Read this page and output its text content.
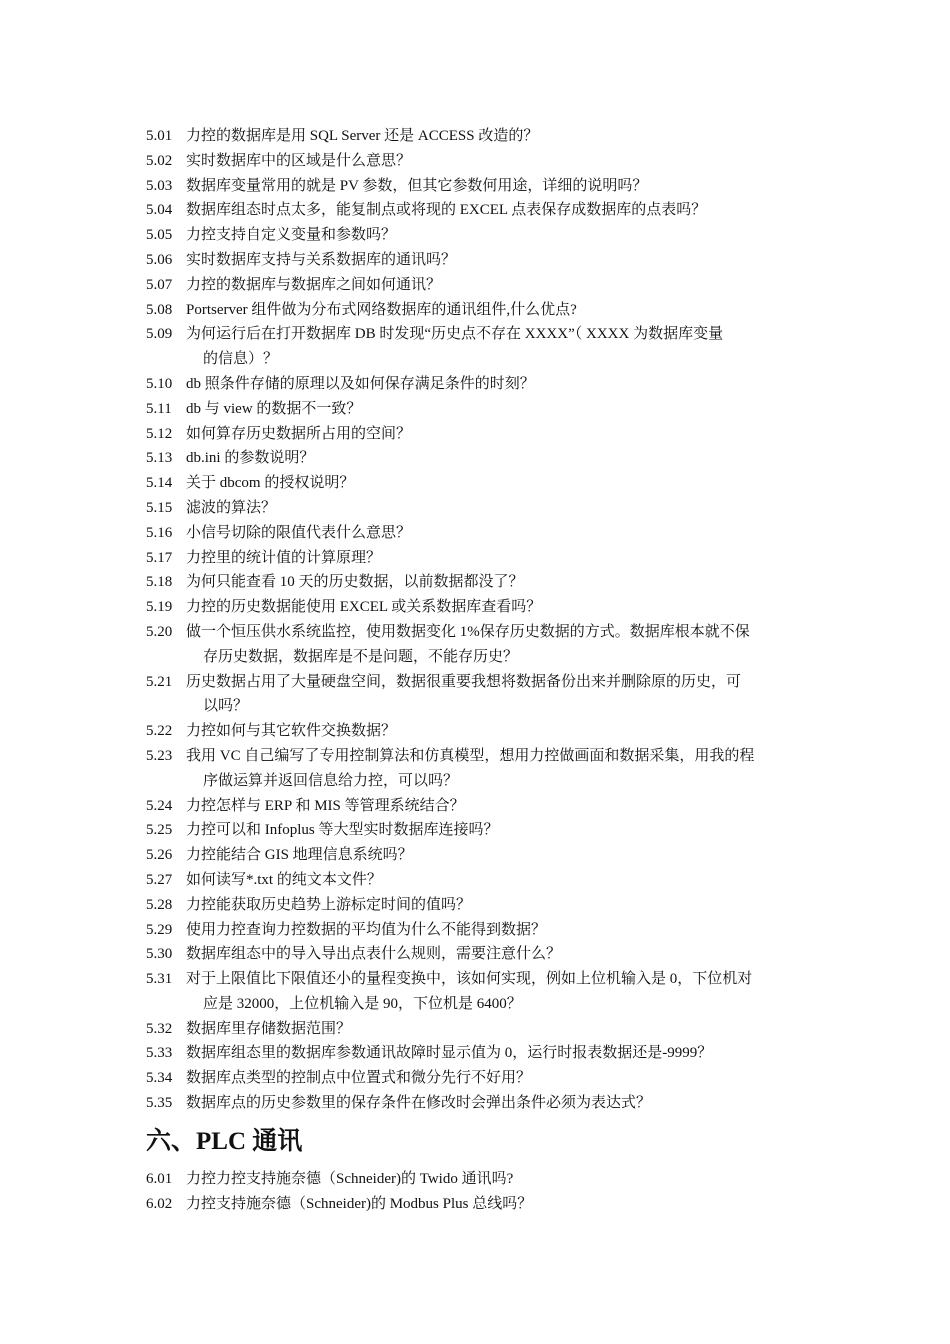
5.01 力控的数据库是用 SQL Server 还是 ACCESS 改造的？
5.02 实时数据库中的区域是什么意思？
5.03 数据库变量常用的就是 PV 参数，但其它参数何用途，详细的说明吗？
5.04 数据库组态时点太多，能复制点或将现的 EXCEL 点表保存成数据库的点表吗？
5.05 力控支持自定义变量和参数吗？
5.06 实时数据库支持与关系数据库的通讯吗？
5.07 力控的数据库与数据库之间如何通讯？
5.08 Portserver 组件做为分布式网络数据库的通讯组件,什么优点?
5.09 为何运行后在打开数据库 DB 时发现“历史点不存在 XXXX”（ XXXX 为数据库变量
的信息）？
5.10 db 照条件存储的原理以及如何保存满足条件的时刻？
5.11 db 与 view 的数据不一致？
5.12 如何算存历史数据所占用的空间？
5.13 db.ini 的参数说明？
5.14 关于 dbcom 的授权说明？
5.15 滤波的算法？
5.16 小信号切除的限值代表什么意思？
5.17 力控里的统计值的计算原理？
5.18 为何只能查看 10 天的历史数据，以前数据都没了？
5.19 力控的历史数据能使用 EXCEL 或关系数据库查看吗？
5.20 做一个恒压供水系统监控，使用数据变化 1%保存历史数据的方式。数据库根本就不保
存历史数据，数据库是不是问题，不能存历史？
5.21 历史数据占用了大量硬盘空间，数据很重要我想将数据备份出来并删除原的历史，可
以吗？
5.22 力控如何与其它软件交换数据？
5.23 我用 VC 自己编写了专用控制算法和仿真模型，想用力控做画面和数据采集，用我的程
序做运算并返回信息给力控，可以吗？
5.24 力控怎样与 ERP 和 MIS 等管理系统结合？
5.25 力控可以和 Infoplus 等大型实时数据库连接吗？
5.26 力控能结合 GIS 地理信息系统吗？
5.27 如何读写*.txt 的纯文本文件？
5.28 力控能获取历史趋势上游标定时间的值吗？
5.29 使用力控查询力控数据的平均值为什么不能得到数据？
5.30 数据库组态中的导入导出点表什么规则，需要注意什么？
5.31 对于上限值比下限值还小的量程变换中，该如何实现，例如上位机输入是 0，下位机对
应是 32000，上位机输入是 90，下位机是 6400？
5.32 数据库里存储数据范围？
5.33 数据库组态里的数据库参数通讯故障时显示值为 0，运行时报表数据还是-9999？
5.34 数据库点类型的控制点中位置式和微分先行不好用？
5.35 数据库点的历史参数里的保存条件在修改时会弹出条件必须为表达式？
六、PLC 通讯
6.01 力控力控支持施奈德（Schneider)的 Twido 通讯吗?
6.02 力控支持施奈德（Schneider)的 Modbus Plus 总线吗？
